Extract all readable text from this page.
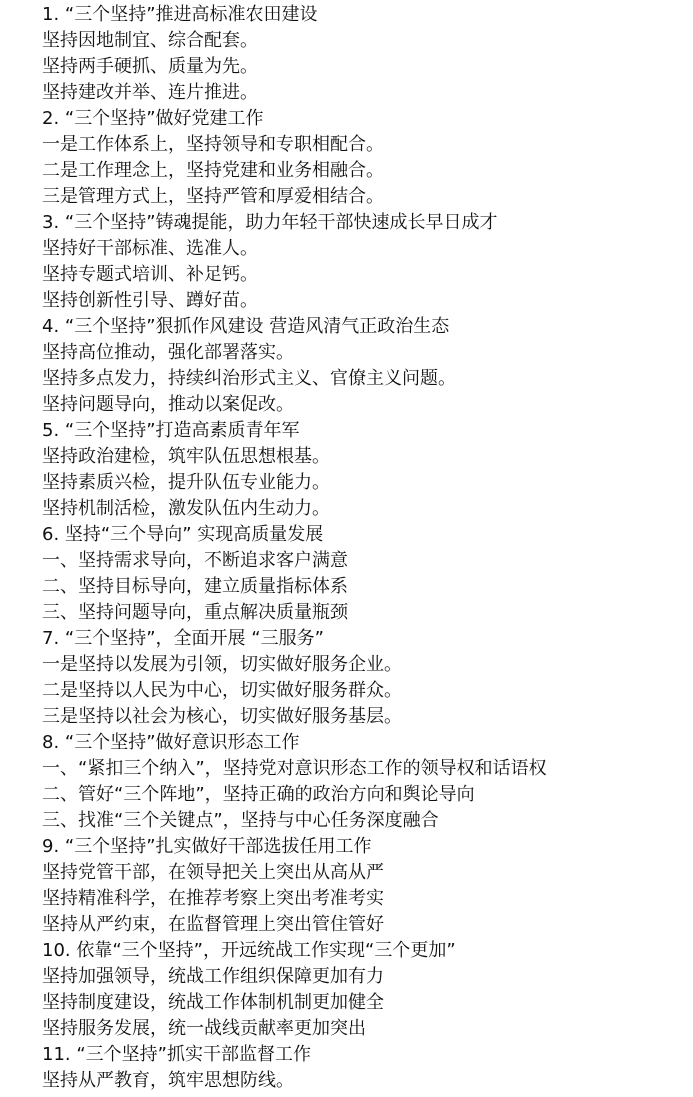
1. “三个坚持”推进高标准农田建设
坚持因地制宜、综合配套。
坚持两手硬抓、质量为先。
坚持建改并举、连片推进。
2. “三个坚持”做好党建工作
一是工作体系上，坚持领导和专职相配合。
二是工作理念上，坚持党建和业务相融合。
三是管理方式上，坚持严管和厚爱相结合。
3. “三个坚持”铸魂提能，助力年轻干部快速成长早日成才
坚持好干部标准、选准人。
坚持专题式培训、补足钙。
坚持创新性引导、蹲好苗。
4. “三个坚持”狠抓作风建设 营造风清气正政治生态
坚持高位推动，强化部署落实。
坚持多点发力，持续纠治形式主义、官僚主义问题。
坚持问题导向，推动以案促改。
5. “三个坚持”打造高素质青年军
坚持政治建检，筑牢队伍思想根基。
坚持素质兴检，提升队伍专业能力。
坚持机制活检，激发队伍内生动力。
6. 坚持“三个导向” 实现高质量发展
一、坚持需求导向，不断追求客户满意
二、坚持目标导向，建立质量指标体系
三、坚持问题导向，重点解决质量瓶颈
7. “三个坚持”，全面开展 “三服务”
一是坚持以发展为引领，切实做好服务企业。
二是坚持以人民为中心，切实做好服务群众。
三是坚持以社会为核心，切实做好服务基层。
8. “三个坚持”做好意识形态工作
一、“紧扣三个纳入”，坚持党对意识形态工作的领导权和话语权
二、管好“三个阵地”，坚持正确的政治方向和舆论导向
三、找准“三个关键点”，坚持与中心任务深度融合
9. “三个坚持”扎实做好干部选拔任用工作
坚持党管干部，在领导把关上突出从高从严
坚持精准科学，在推荐考察上突出考准考实
坚持从严约束，在监督管理上突出管住管好
10. 依靠“三个坚持”，开远统战工作实现“三个更加”
坚持加强领导，统战工作组织保障更加有力
坚持制度建设，统战工作体制机制更加健全
坚持服务发展，统一战线贡献率更加突出
11. “三个坚持”抓实干部监督工作
坚持从严教育，筑牢思想防线。
